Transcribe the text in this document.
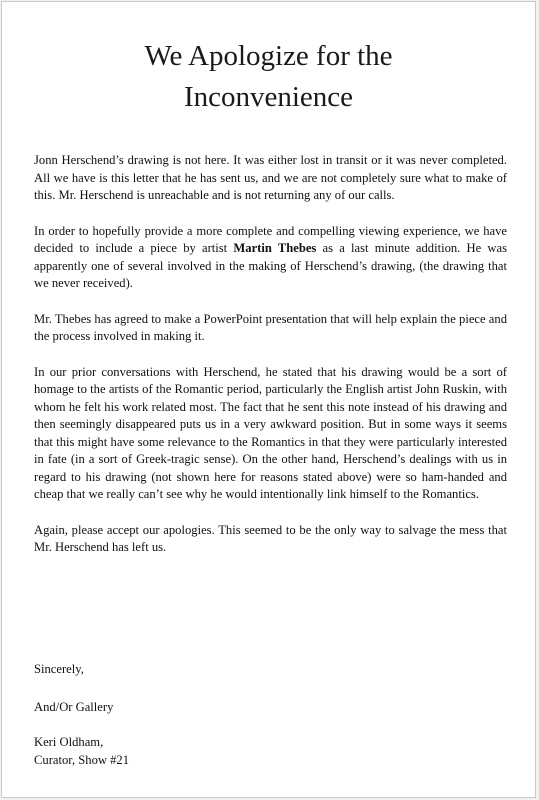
We Apologize for the
Inconvenience

Jonn Herschend’s drawing is not here. It was either lost in transit or it was never completed. All we have is this letter that he has sent us, and we are not completely sure what to make of this. Mr. Herschend is unreachable and is not returning any of our calls.

In order to hopefully provide a more complete and compelling viewing experience, we have decided to include a piece by artist Martin Thebes as a last minute addition. He was apparently one of several involved in the making of Herschend’s drawing, (the drawing that we never received).

Mr. Thebes has agreed to make a PowerPoint presentation that will help explain the piece and the process involved in making it.

In our prior conversations with Herschend, he stated that his drawing would be a sort of homage to the artists of the Romantic period, particularly the English artist John Ruskin, with whom he felt his work related most. The fact that he sent this note instead of his drawing and then seemingly disappeared puts us in a very awkward position. But in some ways it seems that this might have some relevance to the Romantics in that they were particularly interested in fate (in a sort of Greek-tragic sense). On the other hand, Herschend’s dealings with us in regard to his drawing (not shown here for reasons stated above) were so ham-handed and cheap that we really can’t see why he would intentionally link himself to the Romantics.

Again, please accept our apologies. This seemed to be the only way to salvage the mess that Mr. Herschend has left us.

Sincerely,
And/Or Gallery
Keri Oldham,
Curator, Show #21
